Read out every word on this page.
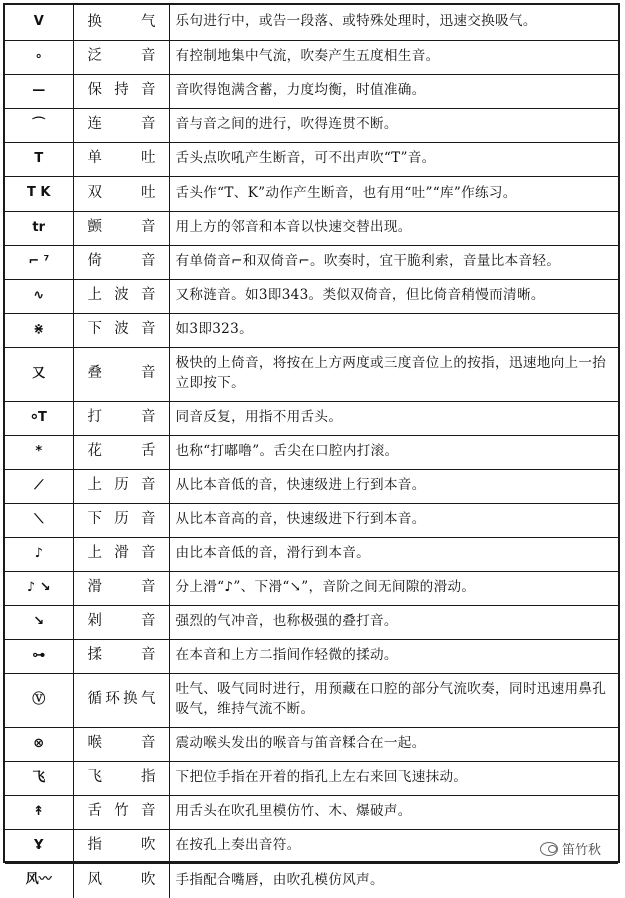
V	换气	乐句进行中，或告一段落、或特殊处理时，迅速交换吸气。
∘	泛音	有控制地集中气流，吹奏产生五度相生音。
—	保持音	音吹得饱满含蓄，力度均衡，时值准确。
⌒	连音	音与音之间的进行，吹得连贯不断。
T	单吐	舌头点吹吼产生断音，可不出声吹“T”音。
T K	双吐	舌头作“T、K”动作产生断音，也有用“吐”“库”作练习。
tr	颤音	用上方的邻音和本音以快速交替出现。
⌐ ⁷	倚音	有单倚音⌐和双倚音⌐。吹奏时，宜干脆利索，音量比本音轻。
∿	上波音	又称涟音。如3即343。类似双倚音，但比倚音稍慢而清晰。
⋇	下波音	如3即323。
又	叠音	极快的上倚音，将按在上方两度或三度音位上的按指，迅速地向上一抬立即按下。
⸰T	打音	同音反复，用指不用舌头。
*	花舌	也称“打嘟噜”。舌尖在口腔内打滚。
⟋	上历音	从比本音低的音，快速级进上行到本音。
⟍	下历音	从比本音高的音，快速级进下行到本音。
♪	上滑音	由比本音低的音，滑行到本音。
♪ ↘	滑音	分上滑“♪”、下滑“↘”，音阶之间无间隙的滑动。
↘	剁音	强烈的气冲音，也称极强的叠打音。
⊶	揉音	在本音和上方二指间作轻微的揉动。
Ⓥ	循环换气	吐气、吸气同时进行，用预藏在口腔的部分气流吹奏，同时迅速用鼻孔吸气，维持气流不断。
⊗	喉音	震动喉头发出的喉音与笛音糅合在一起。
飞	飞指	下把位手指在开着的指孔上左右来回飞速抹动。
↟	舌竹音	用舌头在吹孔里模仿竹、木、爆破声。
Ұ	指吹	在按孔上奏出音符。
风〰	风吹	手指配合嘴唇，由吹孔模仿风声。	笛竹秋
